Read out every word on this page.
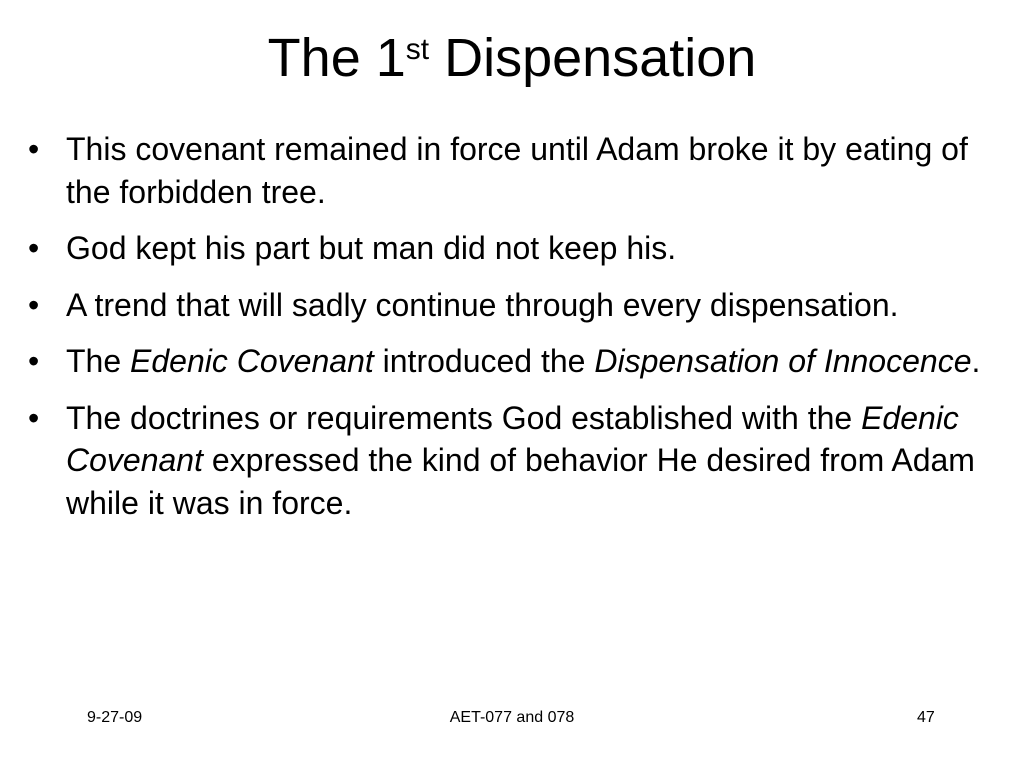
The 1st Dispensation
• This covenant remained in force until Adam broke it by eating of the forbidden tree.
• God kept his part but man did not keep his.
• A trend that will sadly continue through every dispensation.
• The Edenic Covenant introduced the Dispensation of Innocence.
• The doctrines or requirements God established with the Edenic Covenant expressed the kind of behavior He desired from Adam while it was in force.
9-27-09	AET-077 and 078	47
